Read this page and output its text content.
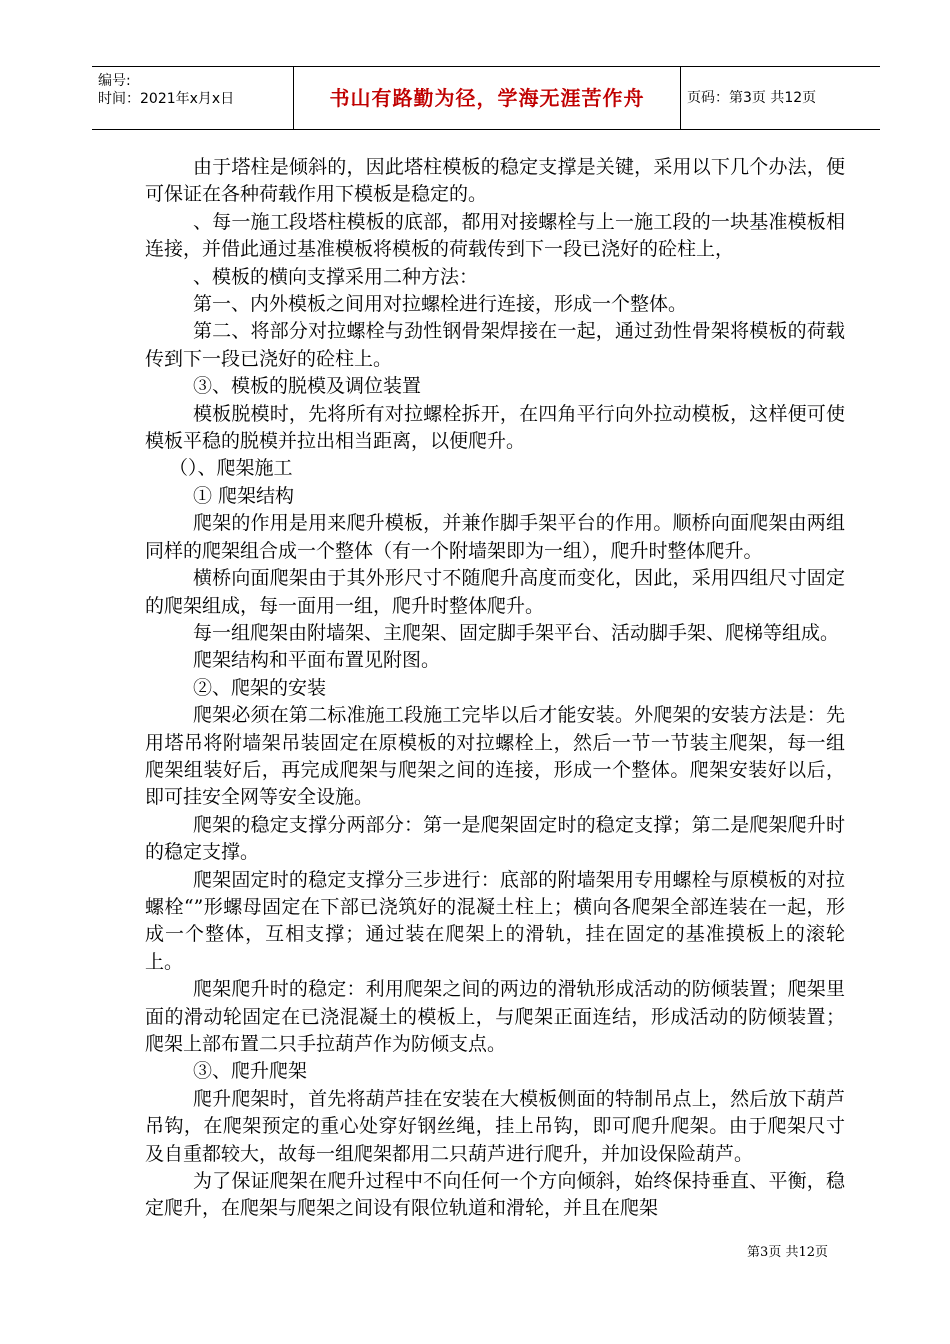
编号:
时间：2021年x月x日	书山有路勤为径，学海无涯苦作舟	页码：第3页 共12页

由于塔柱是倾斜的，因此塔柱模板的稳定支撑是关键，采用以下几个办法，便可保证在各种荷载作用下模板是稳定的。

、每一施工段塔柱模板的底部，都用对接螺栓与上一施工段的一块基准模板相连接，并借此通过基准模板将模板的荷载传到下一段已浇好的砼柱上，

、模板的横向支撑采用二种方法：

第一、内外模板之间用对拉螺栓进行连接，形成一个整体。

第二、将部分对拉螺栓与劲性钢骨架焊接在一起，通过劲性骨架将模板的荷载传到下一段已浇好的砼柱上。

③、模板的脱模及调位装置

模板脱模时，先将所有对拉螺栓拆开，在四角平行向外拉动模板，这样便可使模板平稳的脱模并拉出相当距离，以便爬升。

（）、爬架施工

① 爬架结构

爬架的作用是用来爬升模板，并兼作脚手架平台的作用。顺桥向面爬架由两组同样的爬架组合成一个整体（有一个附墙架即为一组），爬升时整体爬升。

横桥向面爬架由于其外形尺寸不随爬升高度而变化，因此，采用四组尺寸固定的爬架组成，每一面用一组，爬升时整体爬升。

每一组爬架由附墙架、主爬架、固定脚手架平台、活动脚手架、爬梯等组成。

爬架结构和平面布置见附图。

②、爬架的安装

爬架必须在第二标准施工段施工完毕以后才能安装。外爬架的安装方法是：先用塔吊将附墙架吊装固定在原模板的对拉螺栓上，然后一节一节装主爬架，每一组爬架组装好后，再完成爬架与爬架之间的连接，形成一个整体。爬架安装好以后，即可挂安全网等安全设施。

爬架的稳定支撑分两部分：第一是爬架固定时的稳定支撑；第二是爬架爬升时的稳定支撑。

爬架固定时的稳定支撑分三步进行：底部的附墙架用专用螺栓与原模板的对拉螺栓“”形螺母固定在下部已浇筑好的混凝土柱上；横向各爬架全部连装在一起，形成一个整体，互相支撑；通过装在爬架上的滑轨，挂在固定的基准摸板上的滚轮上。

爬架爬升时的稳定：利用爬架之间的两边的滑轨形成活动的防倾装置；爬架里面的滑动轮固定在已浇混凝土的模板上，与爬架正面连结，形成活动的防倾装置；爬架上部布置二只手拉葫芦作为防倾支点。

③、爬升爬架

爬升爬架时，首先将葫芦挂在安装在大模板侧面的特制吊点上，然后放下葫芦吊钩，在爬架预定的重心处穿好钢丝绳，挂上吊钩，即可爬升爬架。由于爬架尺寸及自重都较大，故每一组爬架都用二只葫芦进行爬升，并加设保险葫芦。

为了保证爬架在爬升过程中不向任何一个方向倾斜，始终保持垂直、平衡，稳定爬升，在爬架与爬架之间设有限位轨道和滑轮，并且在爬架

第3页 共12页
